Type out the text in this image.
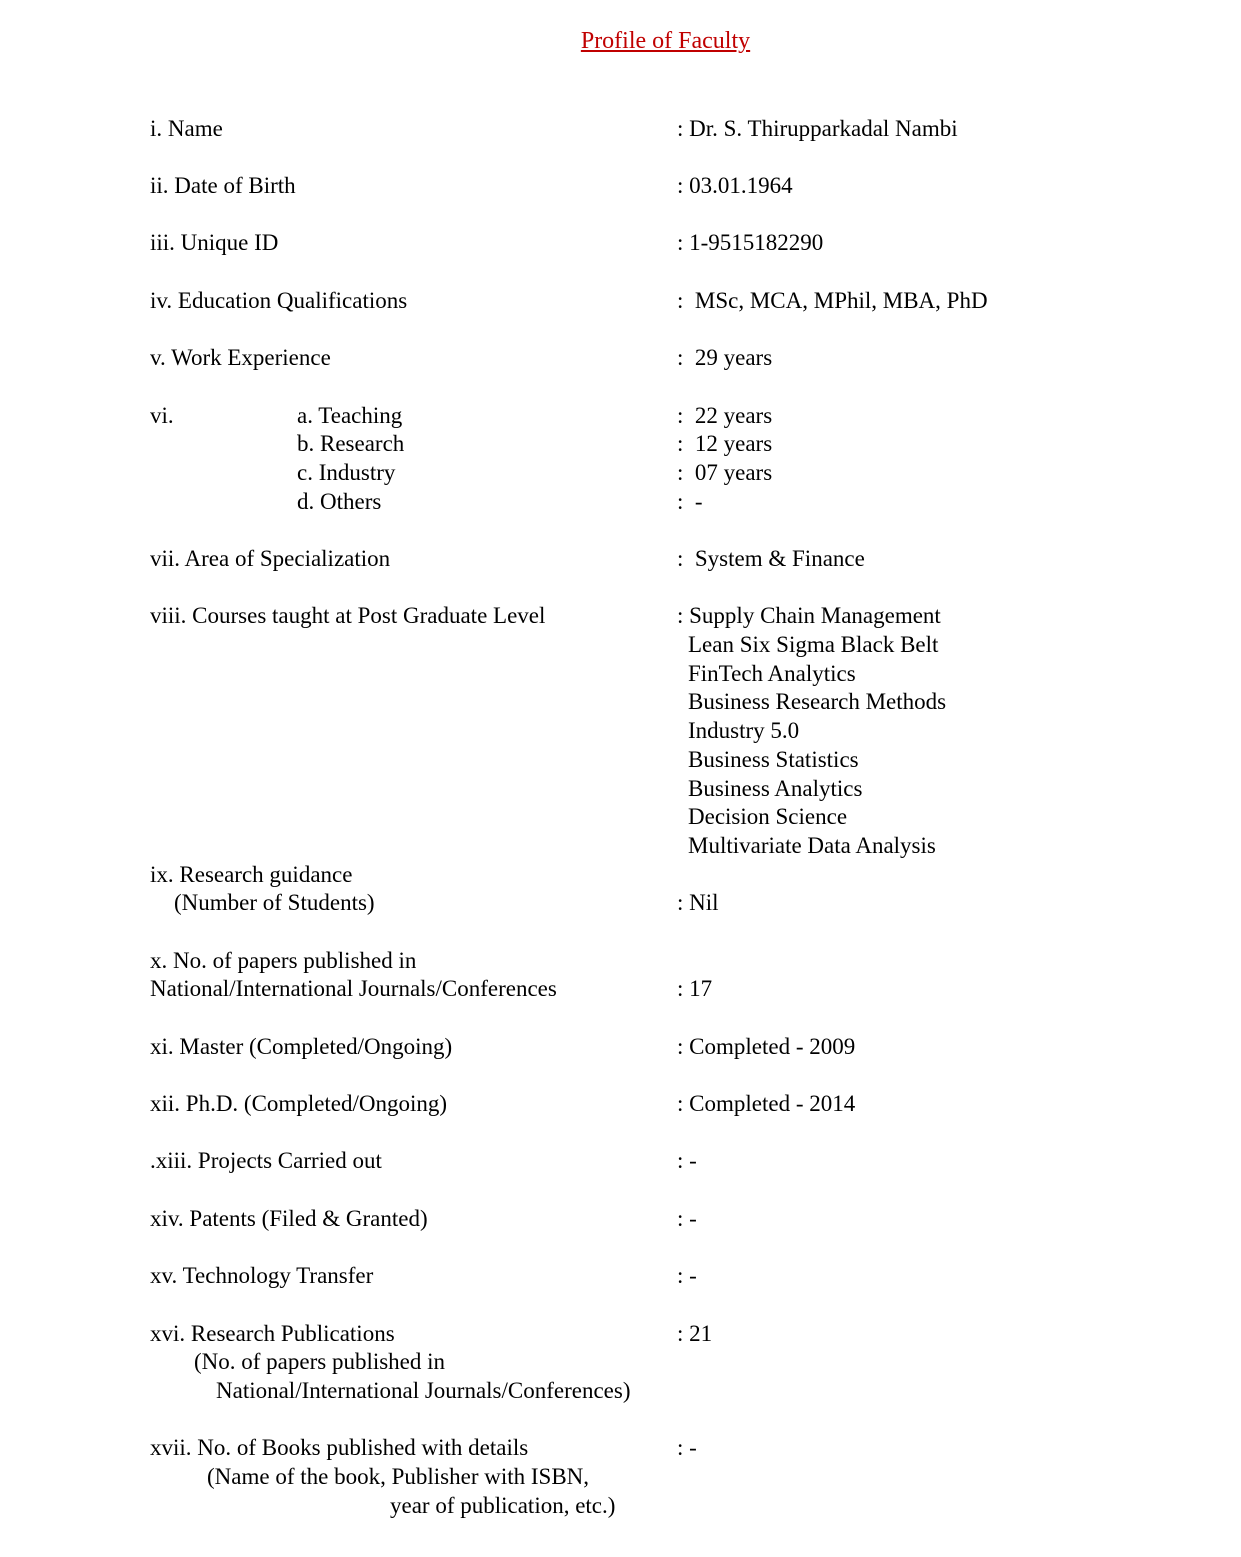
Profile of Faculty
i. Name	: Dr. S. Thirupparkadal Nambi
ii. Date of Birth	: 03.01.1964
iii. Unique ID	: 1-9515182290
iv. Education Qualifications	:  MSc, MCA, MPhil, MBA, PhD
v. Work Experience	:  29 years
vi.	a. Teaching	:  22 years
b. Research	:  12 years
c. Industry	:  07 years
d. Others	:  -
vii. Area of Specialization	:  System & Finance
viii. Courses taught at Post Graduate Level	: Supply Chain Management
Lean Six Sigma Black Belt
FinTech Analytics
Business Research Methods
Industry 5.0
Business Statistics
Business Analytics
Decision Science
Multivariate Data Analysis
ix. Research guidance
(Number of Students)	: Nil
x. No. of papers published in
National/International Journals/Conferences	: 17
xi. Master (Completed/Ongoing)	: Completed - 2009
xii. Ph.D. (Completed/Ongoing)	: Completed - 2014
.xiii. Projects Carried out	: -
xiv. Patents (Filed & Granted)	: -
xv. Technology Transfer	: -
xvi. Research Publications	: 21
(No. of papers published in
National/International Journals/Conferences)
xvii. No. of Books published with details	: -
(Name of the book, Publisher with ISBN,
year of publication, etc.)
